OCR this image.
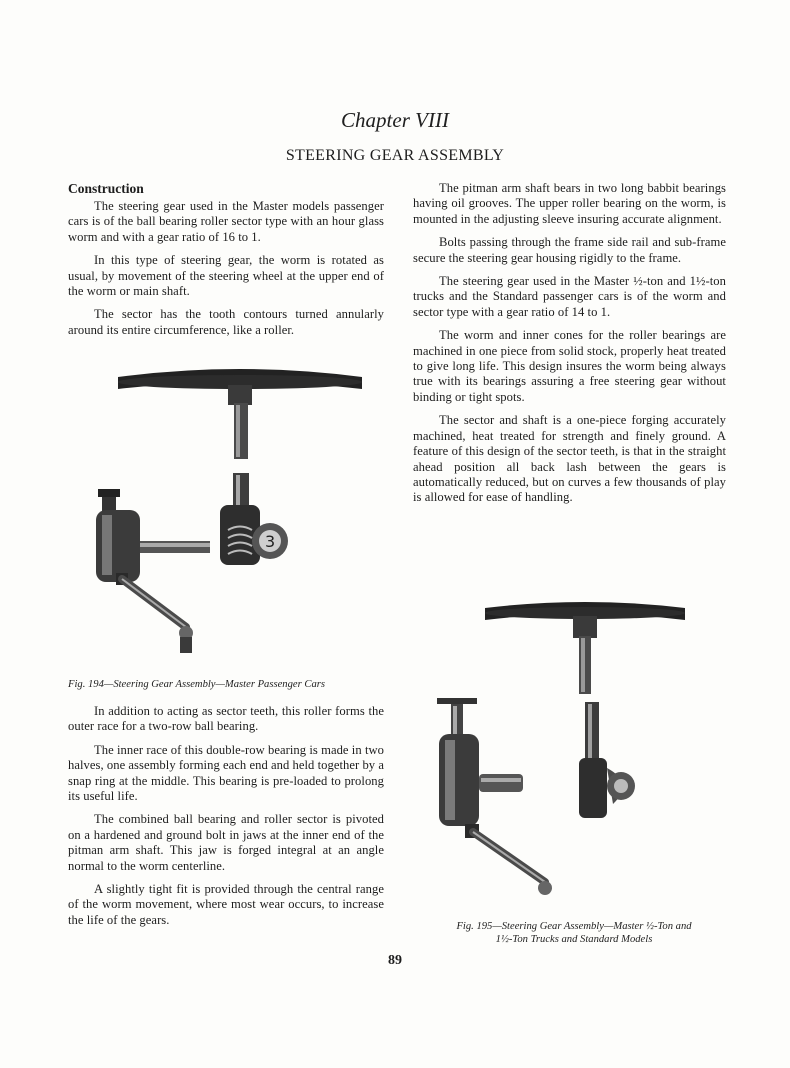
Chapter VIII
STEERING GEAR ASSEMBLY
Construction

The steering gear used in the Master models passenger cars is of the ball bearing roller sector type with an hour glass worm and with a gear ratio of 16 to 1.

In this type of steering gear, the worm is rotated as usual, by movement of the steering wheel at the upper end of the worm or main shaft.

The sector has the tooth contours turned annularly around its entire circumference, like a roller.

3
Fig. 194—Steering Gear Assembly—Master Passenger Cars

In addition to acting as sector teeth, this roller forms the outer race for a two-row ball bearing.

The inner race of this double-row bearing is made in two halves, one assembly forming each end and held together by a snap ring at the middle. This bearing is pre-loaded to prolong its useful life.

The combined ball bearing and roller sector is pivoted on a hardened and ground bolt in jaws at the inner end of the pitman arm shaft. This jaw is forged integral at an angle normal to the worm centerline.

A slightly tight fit is provided through the central range of the worm movement, where most wear occurs, to increase the life of the gears.

The pitman arm shaft bears in two long babbit bearings having oil grooves. The upper roller bearing on the worm, is mounted in the adjusting sleeve insuring accurate alignment.

Bolts passing through the frame side rail and sub-frame secure the steering gear housing rigidly to the frame.

The steering gear used in the Master ½-ton and 1½-ton trucks and the Standard passenger cars is of the worm and sector type with a gear ratio of 14 to 1.

The worm and inner cones for the roller bearings are machined in one piece from solid stock, properly heat treated to give long life. This design insures the worm being always true with its bearings assuring a free steering gear without binding or tight spots.

The sector and shaft is a one-piece forging accurately machined, heat treated for strength and finely ground. A feature of this design of the sector teeth, is that in the straight ahead position all back lash between the gears is automatically reduced, but on curves a few thousands of play is allowed for ease of handling.

Fig. 195—Steering Gear Assembly—Master ½-Ton and
1½-Ton Trucks and Standard Models
89
